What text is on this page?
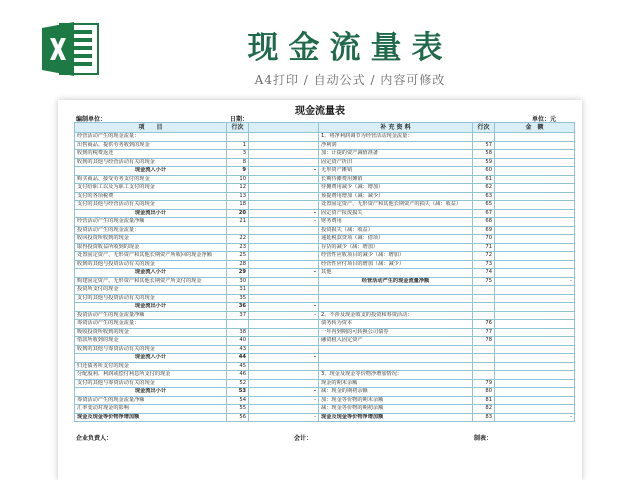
现金流量表
A4打印 / 自动公式 / 内容可修改
现金流量表
编制单位：	日期：	单位：元
项　　目	行次		补 充 资 料	行次	金　额
经营活动产生的现金流量：			1、将净利润调节为经营活动现金流量：		
出售商品、提供劳务收到的现金	1		净利润	57	
收到的税费返还	3		加：计提的资产减值准备	58	
收到的其他与经营活动有关的现金	8		固定资产折旧	59	
现金流入小计	9	-	无形资产摊销	60	
购买商品、接受劳务支付的现金	10		长期待摊费用摊销	61	
支付给职工以及为职工支付的现金	12		待摊费用减少（减：增加）	62	
支付的各项税费	13		预提费用增加（减：减少）	63	
支付的其他与经营活动有关的现金	18		处置固定资产、无形资产和其他长期资产的损失（减：收益）	65	
现金流出小计	20	-	固定资产报废损失	67	
经营活动产生的现金流量净额	21	-	财务费用	68	
投资活动产生的现金流量：			投资损失（减：收益）	69	
收回投资所收到的现金	22		递延税款贷项（减：借项）	70	
取得投资收益所收到的现金	23		存货的减少（减：增加）	71	
处置固定资产、无形资产和其他长期资产所收回的现金净额	25		经营性应收项目的减少（减：增加）	72	
收到的其他与投资活动有关的现金	28		经营性应付项目的增加（减：减少）	73	
现金流入小计	29	-	其他	74	
购建固定资产、无形资产和其他长期资产所支付的现金	30		经营活动产生的现金流量净额	75	-
投资所支付的现金	31				
支付的其他与投资活动有关的现金	35				
现金流出小计	36	-			
投资活动产生的现金流量净额	37	-	2、不涉及现金收支的投资和筹资活动：		
筹资活动产生的现金流量：			债务转为资本	76	
吸收投资所收到的现金	38		一年内到期的可转换公司债券	77	
借款所收到的现金	40		融资租入固定资产	78	
收到的其他与筹资活动有关的现金	43				
现金流入小计	44	-			
归还债务所支付的现金	45				
分配股利、利润或偿付利息所支付的现金	46		3、现金及现金等价物净增加情况：		
支付的其他与筹资活动有关的现金	52		现金的期末余额	79	
现金流出小计	53	-	减：现金的期初余额	80	
筹资活动产生的现金流量净额	54	-	加：现金等价物的期末余额	81	
汇率变动对现金的影响	55		减：现金等价物的期初余额	82	
现金及现金等价物净增加额	56	-	现金及现金等价物净增加额	83	-
企业负责人：	会计：	制表：
